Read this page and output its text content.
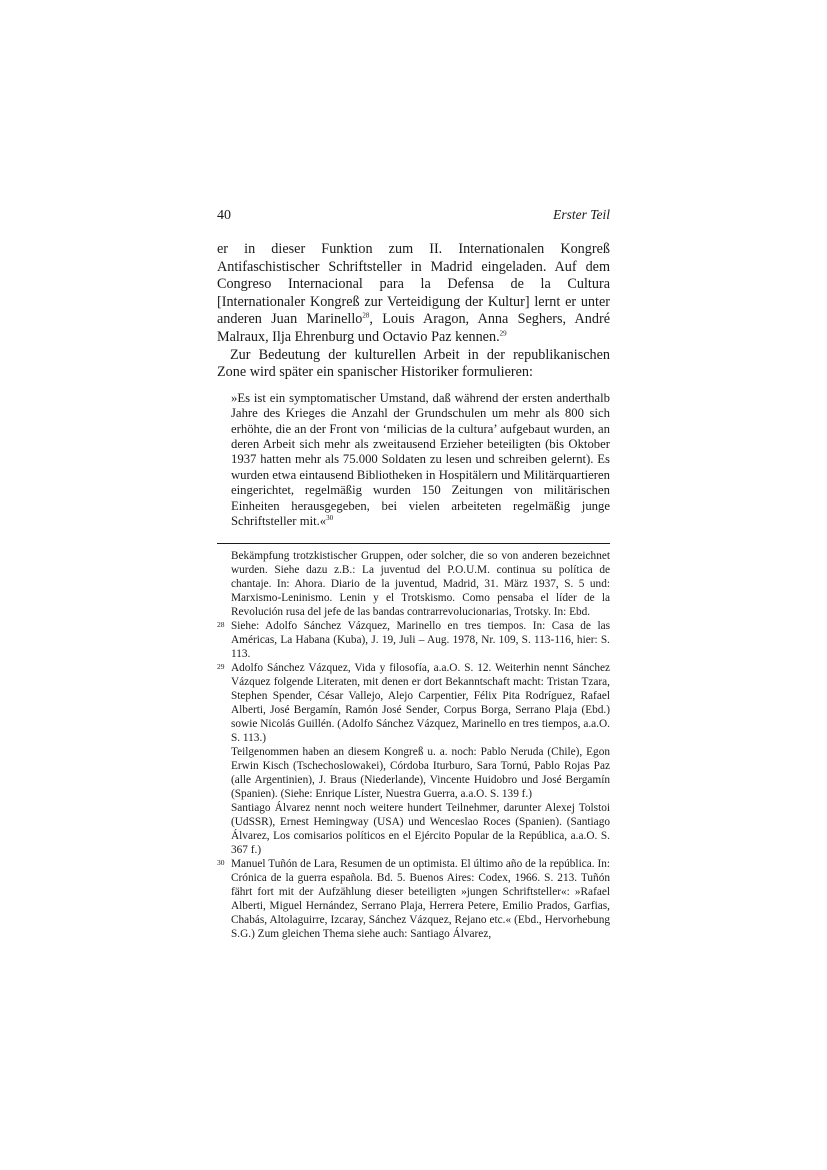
40	Erster Teil

er in dieser Funktion zum II. Internationalen Kongreß Antifaschistischer Schriftsteller in Madrid eingeladen. Auf dem Congreso Internacional para la Defensa de la Cultura [Internationaler Kongreß zur Verteidigung der Kultur] lernt er unter anderen Juan Marinello$^{28}$, Louis Aragon, Anna Seghers, André Malraux, Ilja Ehrenburg und Octavio Paz kennen.$^{29}$

Zur Bedeutung der kulturellen Arbeit in der republikanischen Zone wird später ein spanischer Historiker formulieren:

»Es ist ein symptomatischer Umstand, daß während der ersten anderthalb Jahre des Krieges die Anzahl der Grundschulen um mehr als 800 sich erhöhte, die an der Front von ‘milicias de la cultura’ aufgebaut wurden, an deren Arbeit sich mehr als zweitausend Erzieher beteiligten (bis Oktober 1937 hatten mehr als 75.000 Soldaten zu lesen und schreiben gelernt). Es wurden etwa eintausend Bibliotheken in Hospitälern und Militärquartieren eingerichtet, regelmäßig wurden 150 Zeitungen von militärischen Einheiten herausgegeben, bei vielen arbeiteten regelmäßig junge Schriftsteller mit.«$^{30}$

Bekämpfung trotzkistischer Gruppen, oder solcher, die so von anderen bezeichnet wurden. Siehe dazu z.B.: La juventud del P.O.U.M. continua su política de chantaje. In: Ahora. Diario de la juventud, Madrid, 31. März 1937, S. 5 und: Marxismo-Leninismo. Lenin y el Trotskismo. Como pensaba el líder de la Revolución rusa del jefe de las bandas contrarrevolucionarias, Trotsky. In: Ebd.

28 Siehe: Adolfo Sánchez Vázquez, Marinello en tres tiempos. In: Casa de las Américas, La Habana (Kuba), J. 19, Juli – Aug. 1978, Nr. 109, S. 113-116, hier: S. 113.

29 Adolfo Sánchez Vázquez, Vida y filosofía, a.a.O. S. 12. Weiterhin nennt Sánchez Vázquez folgende Literaten, mit denen er dort Bekanntschaft macht: Tristan Tzara, Stephen Spender, César Vallejo, Alejo Carpentier, Félix Pita Rodríguez, Rafael Alberti, José Bergamín, Ramón José Sender, Corpus Borga, Serrano Plaja (Ebd.) sowie Nicolás Guillén. (Adolfo Sánchez Vázquez, Marinello en tres tiempos, a.a.O. S. 113.)

Teilgenommen haben an diesem Kongreß u. a. noch: Pablo Neruda (Chile), Egon Erwin Kisch (Tschechoslowakei), Córdoba Iturburo, Sara Tornú, Pablo Rojas Paz (alle Argentinien), J. Braus (Niederlande), Vincente Huidobro und José Bergamín (Spanien). (Siehe: Enrique Líster, Nuestra Guerra, a.a.O. S. 139 f.)

Santiago Álvarez nennt noch weitere hundert Teilnehmer, darunter Alexej Tolstoi (UdSSR), Ernest Hemingway (USA) und Wenceslao Roces (Spanien). (Santiago Álvarez, Los comisarios políticos en el Ejército Popular de la República, a.a.O. S. 367 f.)

30 Manuel Tuñón de Lara, Resumen de un optimista. El último año de la república. In: Crónica de la guerra española. Bd. 5. Buenos Aires: Codex, 1966. S. 213. Tuñón fährt fort mit der Aufzählung dieser beteiligten »jungen Schriftsteller«: »Rafael Alberti, Miguel Hernández, Serrano Plaja, Herrera Petere, Emilio Prados, Garfias, Chabás, Altolaguirre, Izcaray, Sánchez Vázquez, Rejano etc.« (Ebd., Hervorhebung S.G.) Zum gleichen Thema siehe auch: Santiago Álvarez,
